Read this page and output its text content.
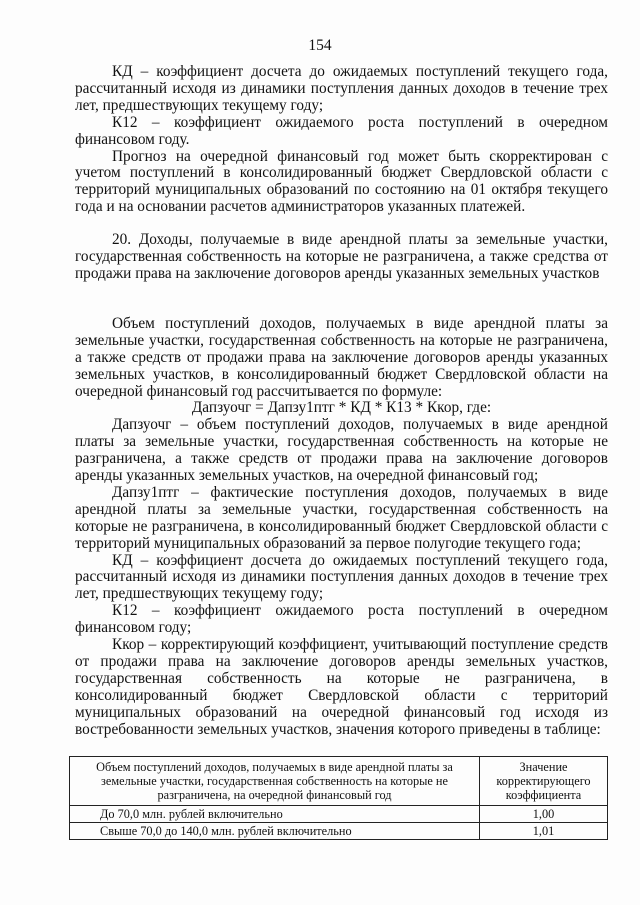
154

КД – коэффициент досчета до ожидаемых поступлений текущего года, рассчитанный исходя из динамики поступления данных доходов в течение трех лет, предшествующих текущему году;

К12 – коэффициент ожидаемого роста поступлений в очередном финансовом году.

Прогноз на очередной финансовый год может быть скорректирован с учетом поступлений в консолидированный бюджет Свердловской области с территорий муниципальных образований по состоянию на 01 октября текущего года и на основании расчетов администраторов указанных платежей.

20. Доходы, получаемые в виде арендной платы за земельные участки, государственная собственность на которые не разграничена, а также средства от продажи права на заключение договоров аренды указанных земельных участков

Объем поступлений доходов, получаемых в виде арендной платы за земельные участки, государственная собственность на которые не разграничена, а также средств от продажи права на заключение договоров аренды указанных земельных участков, в консолидированный бюджет Свердловской области на очередной финансовый год рассчитывается по формуле:

Дапзуочг = Дапзу1птг * КД * К13 * Ккор, где:

Дапзуочг – объем поступлений доходов, получаемых в виде арендной платы за земельные участки, государственная собственность на которые не разграничена, а также средств от продажи права на заключение договоров аренды указанных земельных участков, на очередной финансовый год;

Дапзу1птг – фактические поступления доходов, получаемых в виде арендной платы за земельные участки, государственная собственность на которые не разграничена, в консолидированный бюджет Свердловской области с территорий муниципальных образований за первое полугодие текущего года;

КД – коэффициент досчета до ожидаемых поступлений текущего года, рассчитанный исходя из динамики поступления данных доходов в течение трех лет, предшествующих текущему году;

К12 – коэффициент ожидаемого роста поступлений в очередном финансовом году;

Ккор – корректирующий коэффициент, учитывающий поступление средств от продажи права на заключение договоров аренды земельных участков, государственная собственность на которые не разграничена, в консолидированный бюджет Свердловской области с территорий муниципальных образований на очередной финансовый год исходя из востребованности земельных участков, значения которого приведены в таблице:

Объем поступлений доходов, получаемых в виде арендной платы за земельные участки, государственная собственность на которые не разграничена, на очередной финансовый год	Значение корректирующего коэффициента
До 70,0 млн. рублей включительно	1,00
Свыше 70,0 до 140,0 млн. рублей включительно	1,01
